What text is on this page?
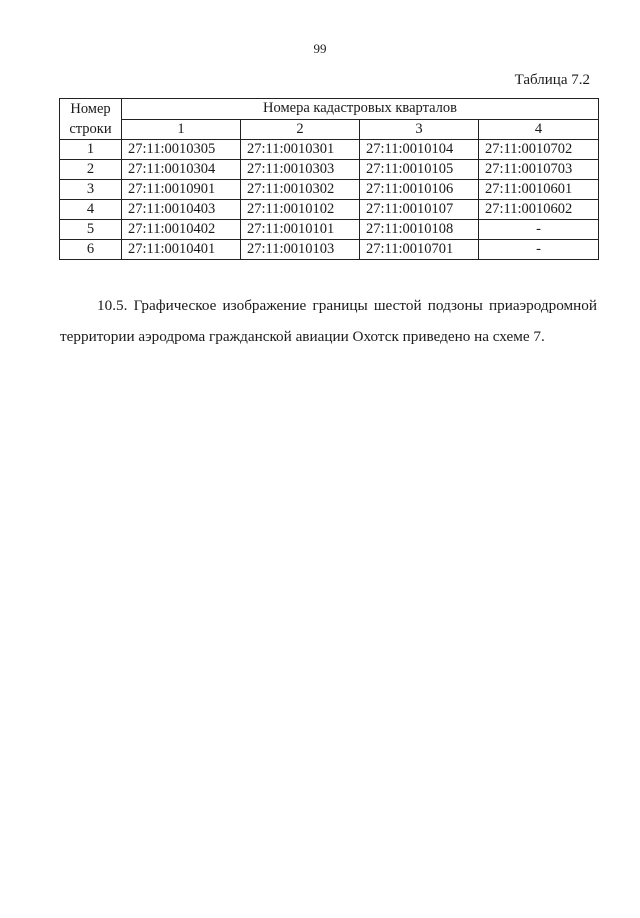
99
Таблица 7.2
Номер
строки	Номера кадастровых кварталов			
	1	2	3	4
1	27:11:0010305	27:11:0010301	27:11:0010104	27:11:0010702
2	27:11:0010304	27:11:0010303	27:11:0010105	27:11:0010703
3	27:11:0010901	27:11:0010302	27:11:0010106	27:11:0010601
4	27:11:0010403	27:11:0010102	27:11:0010107	27:11:0010602
5	27:11:0010402	27:11:0010101	27:11:0010108	-
6	27:11:0010401	27:11:0010103	27:11:0010701	-

10.5. Графическое изображение границы шестой подзоны приаэродромной территории аэродрома гражданской авиации Охотск приведено на схеме 7.
